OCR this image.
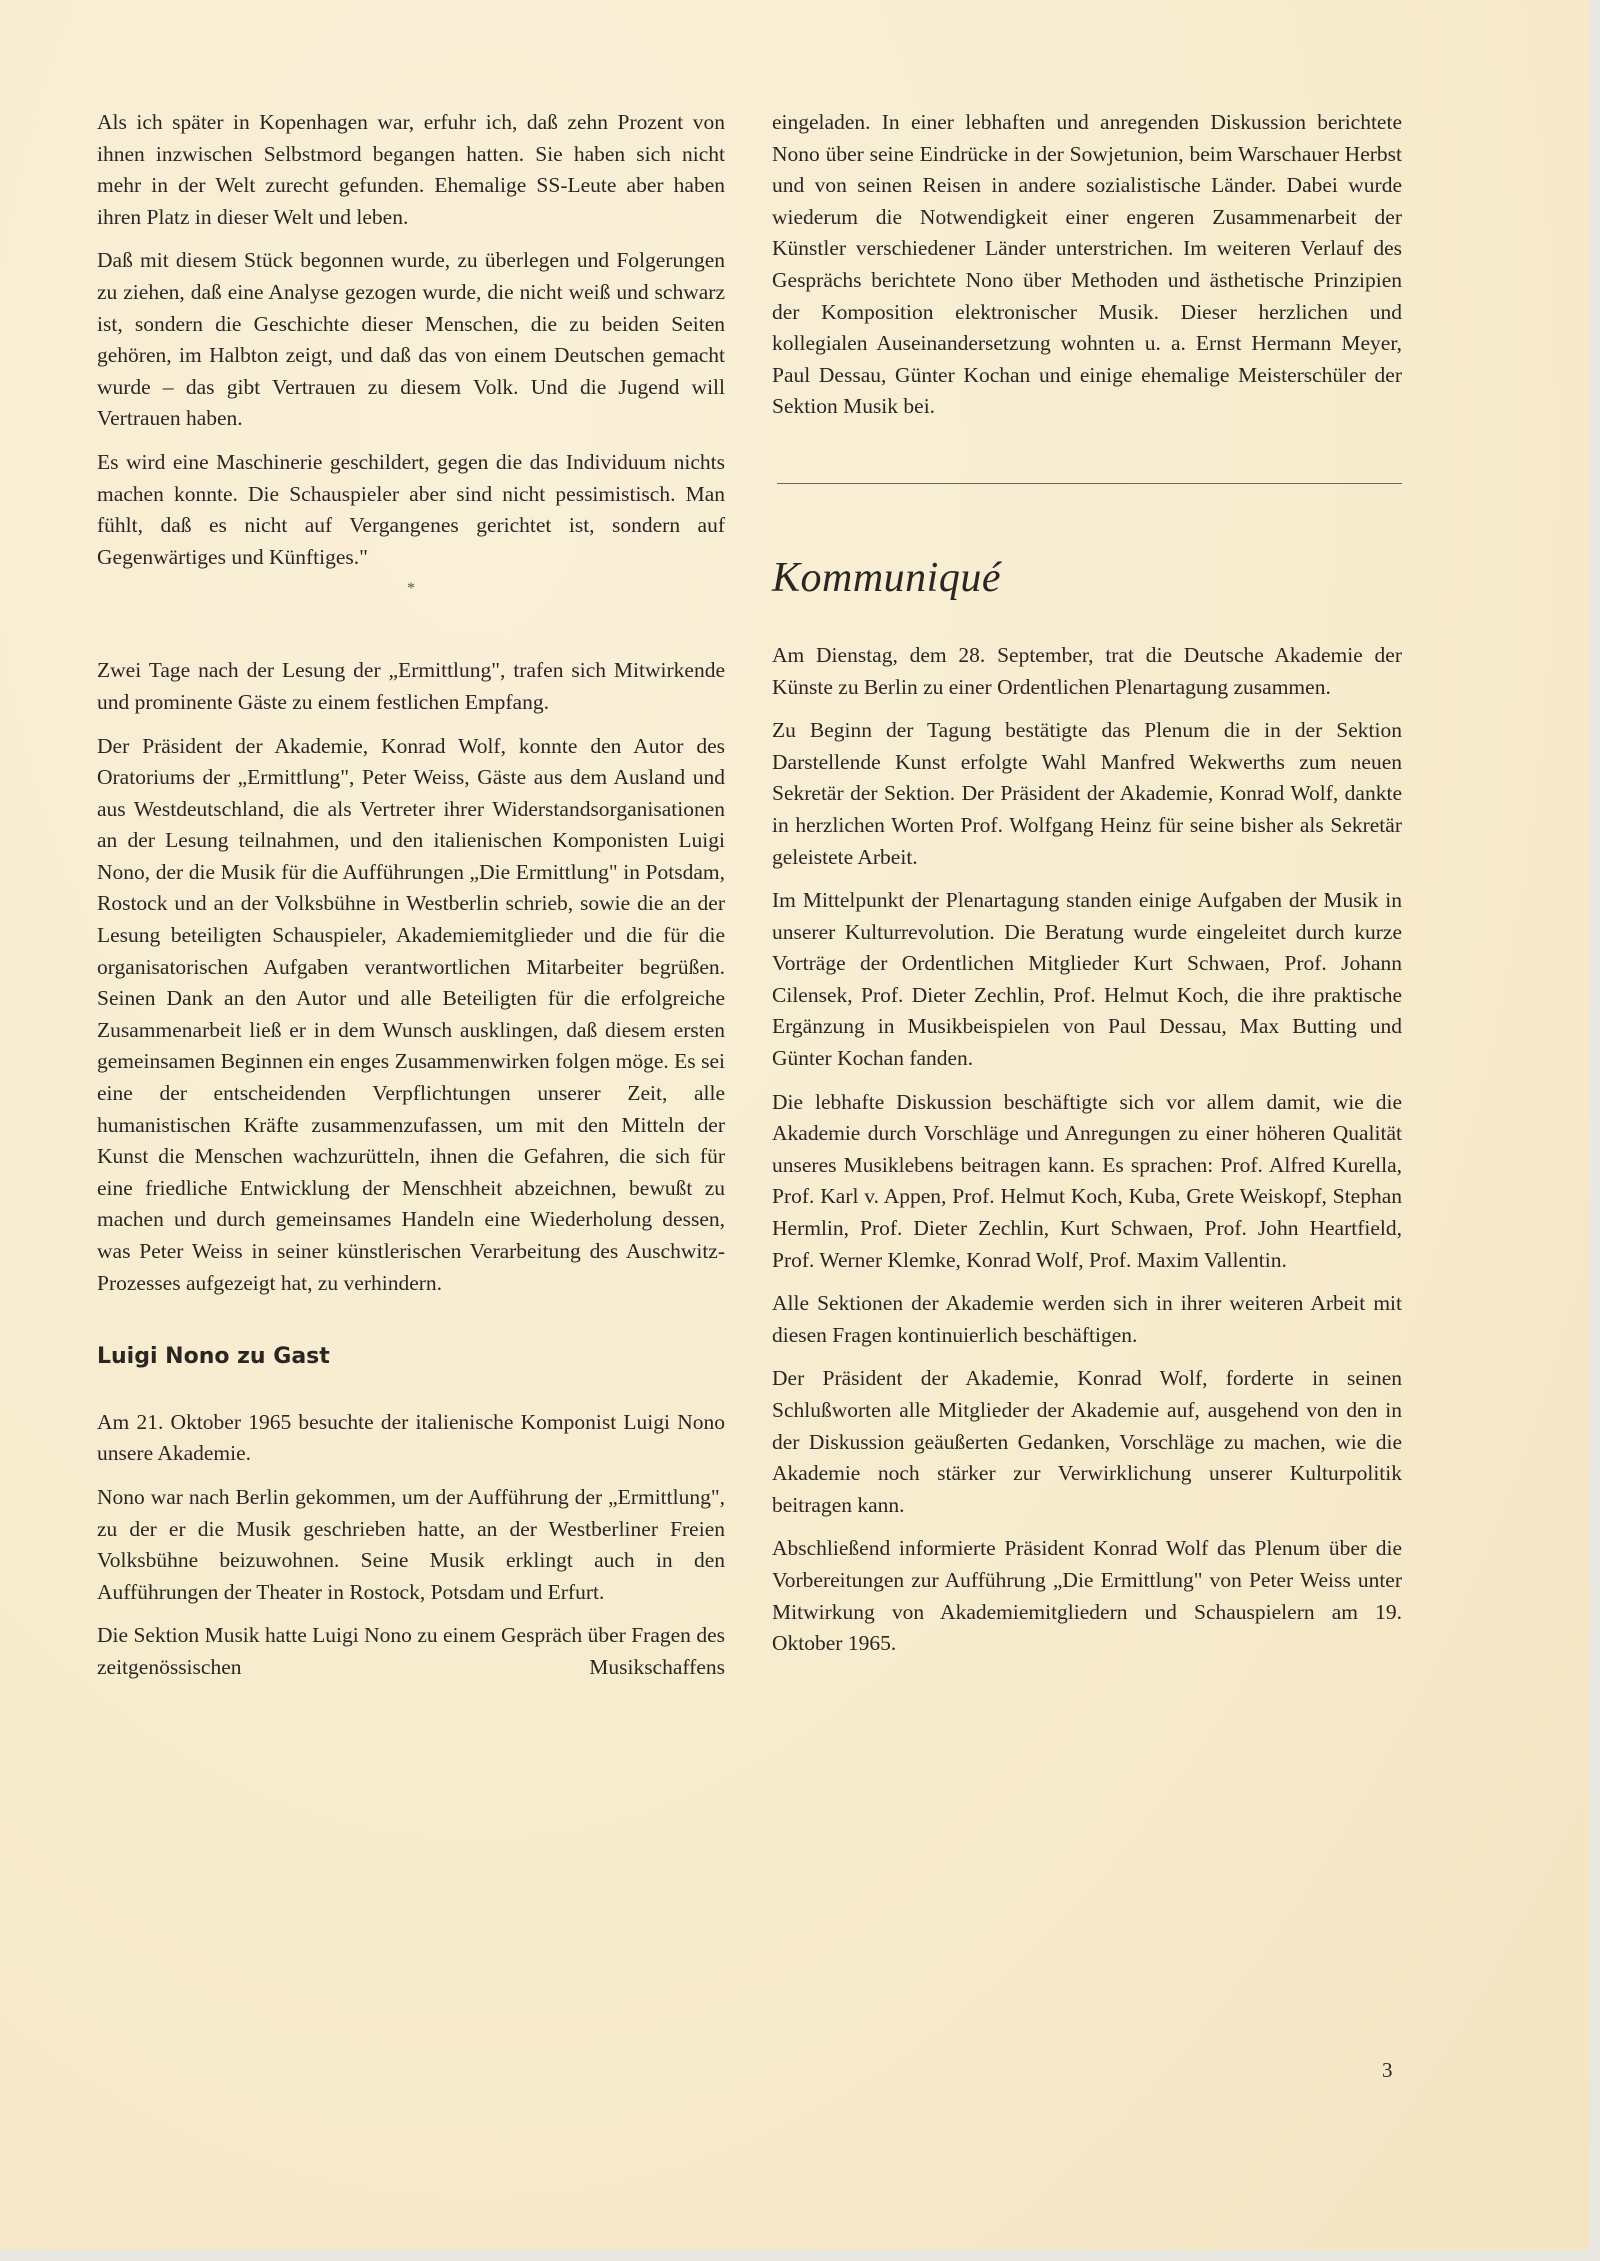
Als ich später in Kopenhagen war, erfuhr ich, daß zehn Prozent von ihnen inzwischen Selbstmord begangen hatten. Sie haben sich nicht mehr in der Welt zurecht gefunden. Ehemalige SS-Leute aber haben ihren Platz in dieser Welt und leben.

Daß mit diesem Stück begonnen wurde, zu überlegen und Folgerungen zu ziehen, daß eine Analyse gezogen wurde, die nicht weiß und schwarz ist, sondern die Geschichte dieser Menschen, die zu beiden Seiten gehören, im Halbton zeigt, und daß das von einem Deutschen gemacht wurde – das gibt Vertrauen zu diesem Volk. Und die Jugend will Vertrauen haben.

Es wird eine Maschinerie geschildert, gegen die das Individuum nichts machen konnte. Die Schauspieler aber sind nicht pessimistisch. Man fühlt, daß es nicht auf Vergangenes gerichtet ist, sondern auf Gegenwärtiges und Künftiges."

*

Zwei Tage nach der Lesung der „Ermittlung", trafen sich Mitwirkende und prominente Gäste zu einem festlichen Empfang.

Der Präsident der Akademie, Konrad Wolf, konnte den Autor des Oratoriums der „Ermittlung", Peter Weiss, Gäste aus dem Ausland und aus Westdeutschland, die als Vertreter ihrer Widerstandsorganisationen an der Lesung teilnahmen, und den italienischen Komponisten Luigi Nono, der die Musik für die Aufführungen „Die Ermittlung" in Potsdam, Rostock und an der Volksbühne in Westberlin schrieb, sowie die an der Lesung beteiligten Schauspieler, Akademiemitglieder und die für die organisatorischen Aufgaben verantwortlichen Mitarbeiter begrüßen. Seinen Dank an den Autor und alle Beteiligten für die erfolgreiche Zusammenarbeit ließ er in dem Wunsch ausklingen, daß diesem ersten gemeinsamen Beginnen ein enges Zusammenwirken folgen möge. Es sei eine der entscheidenden Verpflichtungen unserer Zeit, alle humanistischen Kräfte zusammenzufassen, um mit den Mitteln der Kunst die Menschen wachzurütteln, ihnen die Gefahren, die sich für eine friedliche Entwicklung der Menschheit abzeichnen, bewußt zu machen und durch gemeinsames Handeln eine Wiederholung dessen, was Peter Weiss in seiner künstlerischen Verarbeitung des Auschwitz-Prozesses aufgezeigt hat, zu verhindern.

Luigi Nono zu Gast

Am 21. Oktober 1965 besuchte der italienische Komponist Luigi Nono unsere Akademie.

Nono war nach Berlin gekommen, um der Aufführung der „Ermittlung", zu der er die Musik geschrieben hatte, an der Westberliner Freien Volksbühne beizuwohnen. Seine Musik erklingt auch in den Aufführungen der Theater in Rostock, Potsdam und Erfurt.

Die Sektion Musik hatte Luigi Nono zu einem Gespräch über Fragen des zeitgenössischen Musikschaffens

eingeladen. In einer lebhaften und anregenden Diskussion berichtete Nono über seine Eindrücke in der Sowjetunion, beim Warschauer Herbst und von seinen Reisen in andere sozialistische Länder. Dabei wurde wiederum die Notwendigkeit einer engeren Zusammenarbeit der Künstler verschiedener Länder unterstrichen. Im weiteren Verlauf des Gesprächs berichtete Nono über Methoden und ästhetische Prinzipien der Komposition elektronischer Musik. Dieser herzlichen und kollegialen Auseinandersetzung wohnten u. a. Ernst Hermann Meyer, Paul Dessau, Günter Kochan und einige ehemalige Meisterschüler der Sektion Musik bei.

Kommuniqué

Am Dienstag, dem 28. September, trat die Deutsche Akademie der Künste zu Berlin zu einer Ordentlichen Plenartagung zusammen.

Zu Beginn der Tagung bestätigte das Plenum die in der Sektion Darstellende Kunst erfolgte Wahl Manfred Wekwerths zum neuen Sekretär der Sektion. Der Präsident der Akademie, Konrad Wolf, dankte in herzlichen Worten Prof. Wolfgang Heinz für seine bisher als Sekretär geleistete Arbeit.

Im Mittelpunkt der Plenartagung standen einige Aufgaben der Musik in unserer Kulturrevolution. Die Beratung wurde eingeleitet durch kurze Vorträge der Ordentlichen Mitglieder Kurt Schwaen, Prof. Johann Cilensek, Prof. Dieter Zechlin, Prof. Helmut Koch, die ihre praktische Ergänzung in Musikbeispielen von Paul Dessau, Max Butting und Günter Kochan fanden.

Die lebhafte Diskussion beschäftigte sich vor allem damit, wie die Akademie durch Vorschläge und Anregungen zu einer höheren Qualität unseres Musiklebens beitragen kann. Es sprachen: Prof. Alfred Kurella, Prof. Karl v. Appen, Prof. Helmut Koch, Kuba, Grete Weiskopf, Stephan Hermlin, Prof. Dieter Zechlin, Kurt Schwaen, Prof. John Heartfield, Prof. Werner Klemke, Konrad Wolf, Prof. Maxim Vallentin.

Alle Sektionen der Akademie werden sich in ihrer weiteren Arbeit mit diesen Fragen kontinuierlich beschäftigen.

Der Präsident der Akademie, Konrad Wolf, forderte in seinen Schlußworten alle Mitglieder der Akademie auf, ausgehend von den in der Diskussion geäußerten Gedanken, Vorschläge zu machen, wie die Akademie noch stärker zur Verwirklichung unserer Kulturpolitik beitragen kann.

Abschließend informierte Präsident Konrad Wolf das Plenum über die Vorbereitungen zur Aufführung „Die Ermittlung" von Peter Weiss unter Mitwirkung von Akademiemitgliedern und Schauspielern am 19. Oktober 1965.

3
